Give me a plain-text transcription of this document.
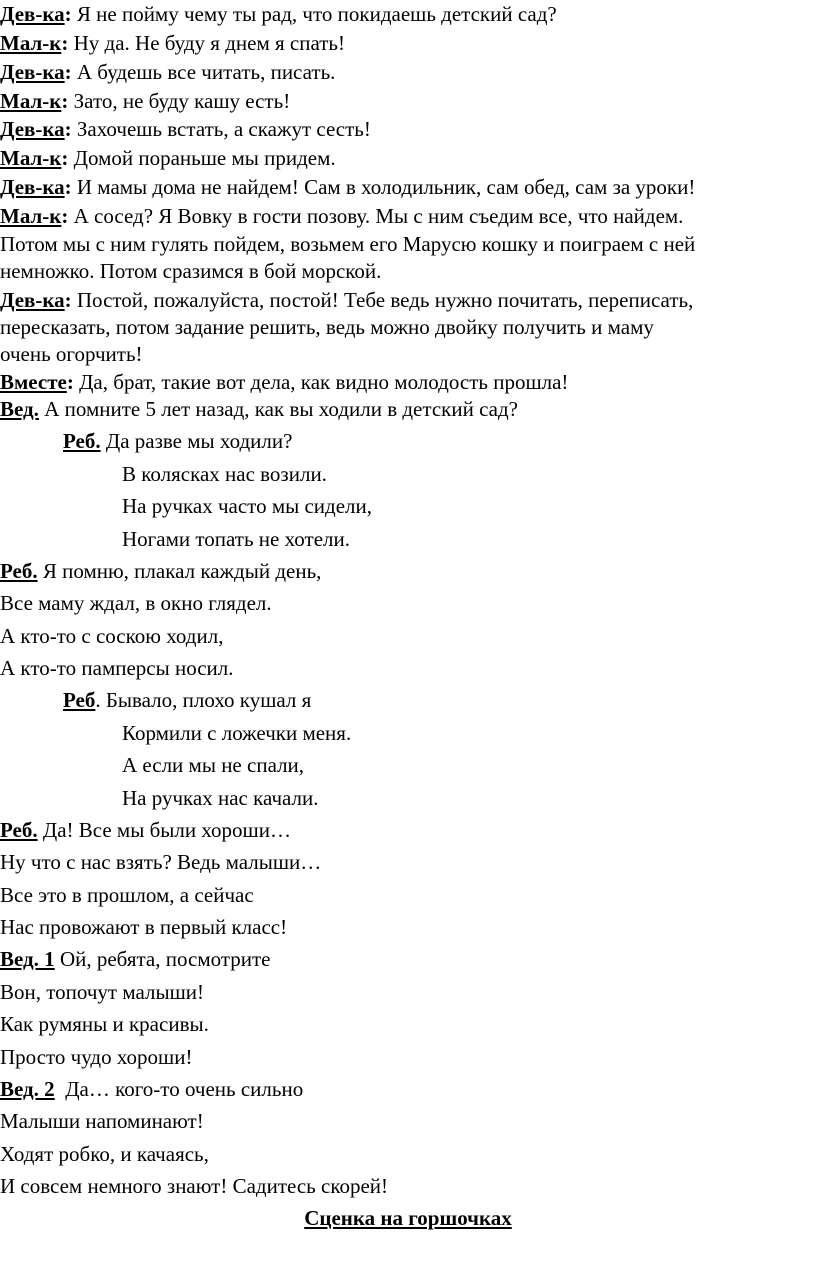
Дев-ка: Я не пойму чему ты рад, что покидаешь детский сад?
Мал-к: Ну да. Не буду я днем я спать!
Дев-ка: А будешь все читать, писать.
Мал-к: Зато, не буду кашу есть!
Дев-ка: Захочешь встать, а скажут сесть!
Мал-к: Домой пораньше мы придем.
Дев-ка: И мамы дома не найдем! Сам в холодильник, сам обед, сам за уроки!
Мал-к: А сосед? Я Вовку в гости позову. Мы с ним съедим все, что найдем.
Потом мы с ним гулять пойдем, возьмем его Марусю кошку и поиграем с ней
немножко. Потом сразимся в бой морской.
Дев-ка: Постой, пожалуйста, постой! Тебе ведь нужно почитать, переписать,
пересказать, потом задание решить, ведь можно двойку получить и маму
очень огорчить!
Вместе: Да, брат, такие вот дела, как видно молодость прошла!
Вед. А помните 5 лет назад, как вы ходили в детский сад?
Реб. Да разве мы ходили?
В колясках нас возили.
На ручках часто мы сидели,
Ногами топать не хотели.
Реб. Я помню, плакал каждый день,
Все маму ждал, в окно глядел.
А кто-то с соскою ходил,
А кто-то памперсы носил.
Реб. Бывало, плохо кушал я
Кормили с ложечки меня.
А если мы не спали,
На ручках нас качали.
Реб. Да! Все мы были хороши…
Ну что с нас взять? Ведь малыши…
Все это в прошлом, а сейчас
Нас провожают в первый класс!
Вед. 1 Ой, ребята, посмотрите
Вон, топочут малыши!
Как румяны и красивы.
Просто чудо хороши!
Вед. 2  Да… кого-то очень сильно
Малыши напоминают!
Ходят робко, и качаясь,
И совсем немного знают! Садитесь скорей!
Сценка на горшочках
